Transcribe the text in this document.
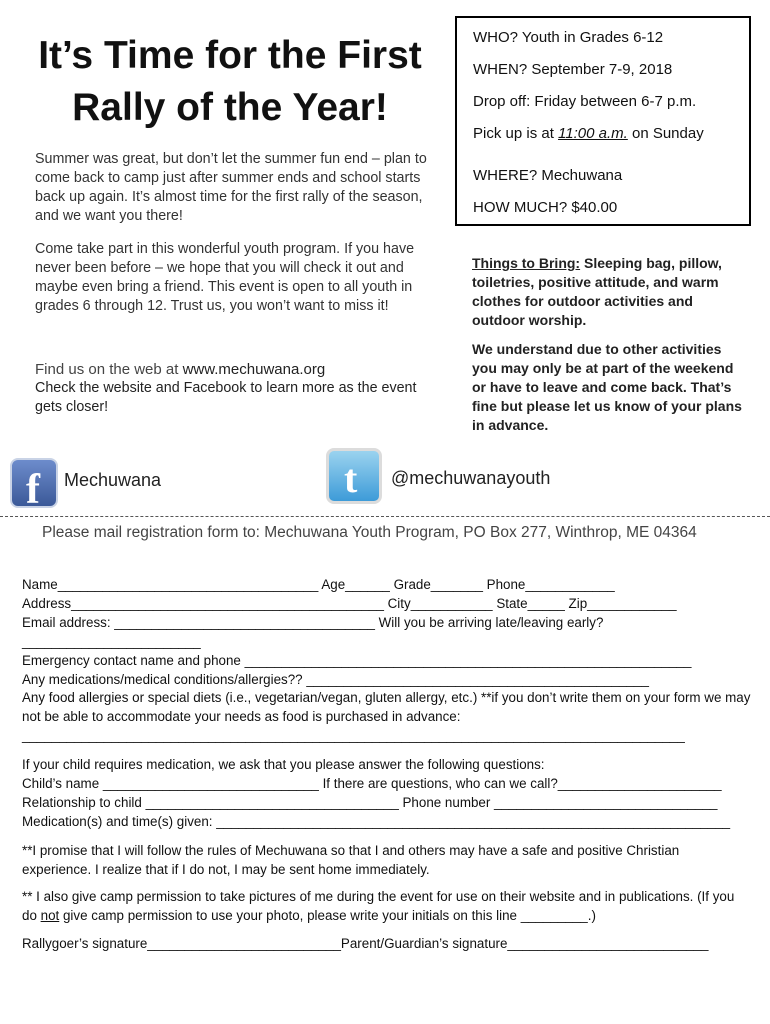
It’s Time for the First
Rally of the Year!

Summer was great, but don’t let the summer fun end – plan to come back to camp just after summer ends and school starts back up again. It’s almost time for the first rally of the season, and we want you there!

Come take part in this wonderful youth program. If you have never been before – we hope that you will check it out and maybe even bring a friend. This event is open to all youth in grades 6 through 12. Trust us, you won’t want to miss it!

Find us on the web at www.mechuwana.org
Check the website and Facebook to learn more as the event gets closer!
WHO? Youth in Grades 6-12
WHEN? September 7-9, 2018
Drop off: Friday between 6-7 p.m.
Pick up is at 11:00 a.m. on Sunday
WHERE? Mechuwana
HOW MUCH? $40.00
Things to Bring: Sleeping bag, pillow, toiletries, positive attitude, and warm clothes for outdoor activities and outdoor worship.
We understand due to other activities you may only be at part of the weekend or have to leave and come back. That’s fine but please let us know of your plans in advance.
f Mechuwana	t @mechuwanayouth
Please mail registration form to: Mechuwana Youth Program, PO Box 277, Winthrop, ME 04364
Name___________________________________ Age______ Grade_______ Phone____________
Address__________________________________________ City___________ State_____ Zip____________
Email address: ___________________________________ Will you be arriving late/leaving early?
________________________
Emergency contact name and phone ____________________________________________________________
Any medications/medical conditions/allergies?? ______________________________________________
Any food allergies or special diets (i.e., vegetarian/vegan, gluten allergy, etc.) **if you don’t write them on your form we may not be able to accommodate your needs as food is purchased in advance:
_________________________________________________________________________________________
If your child requires medication, we ask that you please answer the following questions:
Child’s name _____________________________ If there are questions, who can we call?______________________
Relationship to child __________________________________ Phone number ______________________________
Medication(s) and time(s) given: _____________________________________________________________________
**I promise that I will follow the rules of Mechuwana so that I and others may have a safe and positive Christian experience. I realize that if I do not, I may be sent home immediately.
** I also give camp permission to take pictures of me during the event for use on their website and in publications. (If you do not give camp permission to use your photo, please write your initials on this line _________.)
Rallygoer’s signature__________________________Parent/Guardian’s signature___________________________
